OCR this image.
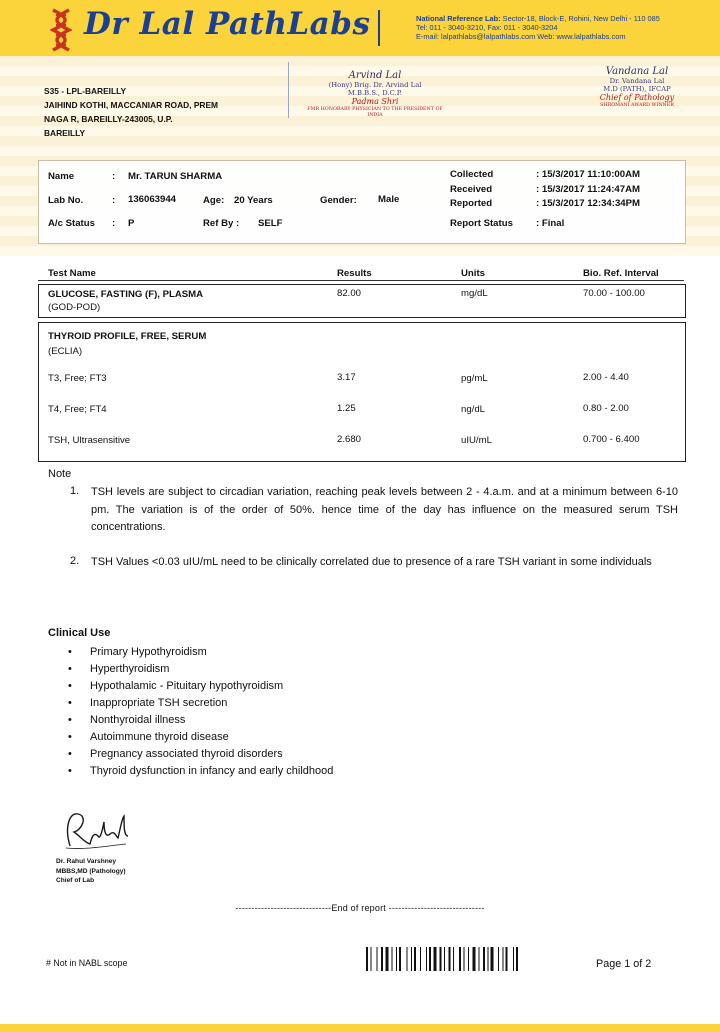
Dr Lal PathLabs	National Reference Lab: Sector-18, Block-E, Rohini, New Delhi - 110 085
Tel: 011 - 3040-3210, Fax: 011 - 3040-3204
E-mail: lalpathlabs@lalpathlabs.com Web: www.lalpathlabs.com
S35 - LPL-BAREILLY
JAIHIND KOTHI, MACCANIAR ROAD, PREM
NAGA R, BAREILLY-243005, U.P.
BAREILLY
Arvind Lal
(Hony) Brig. Dr. Arvind Lal
M.B.B.S., D.C.P.
Padma Shri
FMR HONORARY PHYSICIAN TO THE PRESIDENT OF INDIA
Vandana Lal
Dr. Vandana Lal
M.D (PATH), IFCAP
Chief of Pathology
SHROMANI AWARD WINNER
Name	: Mr. TARUN SHARMA
Lab No.	: 136063944	Age: 20 Years	Gender: Male
A/c Status : P	Ref By : SELF
Collected	: 15/3/2017 11:10:00AM
Received	: 15/3/2017 11:24:47AM
Reported	: 15/3/2017 12:34:34PM
Report Status : Final
Test Name	Results	Units	Bio. Ref. Interval
GLUCOSE, FASTING (F), PLASMA
(GOD-POD)
82.00	mg/dL	70.00 - 100.00
THYROID PROFILE, FREE, SERUM
(ECLIA)
T3, Free; FT3	3.17	pg/mL	2.00 - 4.40
T4, Free; FT4	1.25	ng/dL	0.80 - 2.00
TSH, Ultrasensitive	2.680	uIU/mL	0.700 - 6.400
Note
1. TSH levels are subject to circadian variation, reaching peak levels between 2 - 4.a.m. and at a minimum between 6-10 pm. The variation is of the order of 50%. hence time of the day has influence on the measured serum TSH concentrations.
2. TSH Values <0.03 uIU/mL need to be clinically correlated due to presence of a rare TSH variant in some individuals
Clinical Use
• Primary Hypothyroidism
• Hyperthyroidism
• Hypothalamic - Pituitary hypothyroidism
• Inappropriate TSH secretion
• Nonthyroidal illness
• Autoimmune thyroid disease
• Pregnancy associated thyroid disorders
• Thyroid dysfunction in infancy and early childhood
Dr. Rahul Varshney
MBBS,MD (Pathology)
Chief of Lab
------------------------------End of report ------------------------------
# Not in NABL scope	Page 1 of 2
